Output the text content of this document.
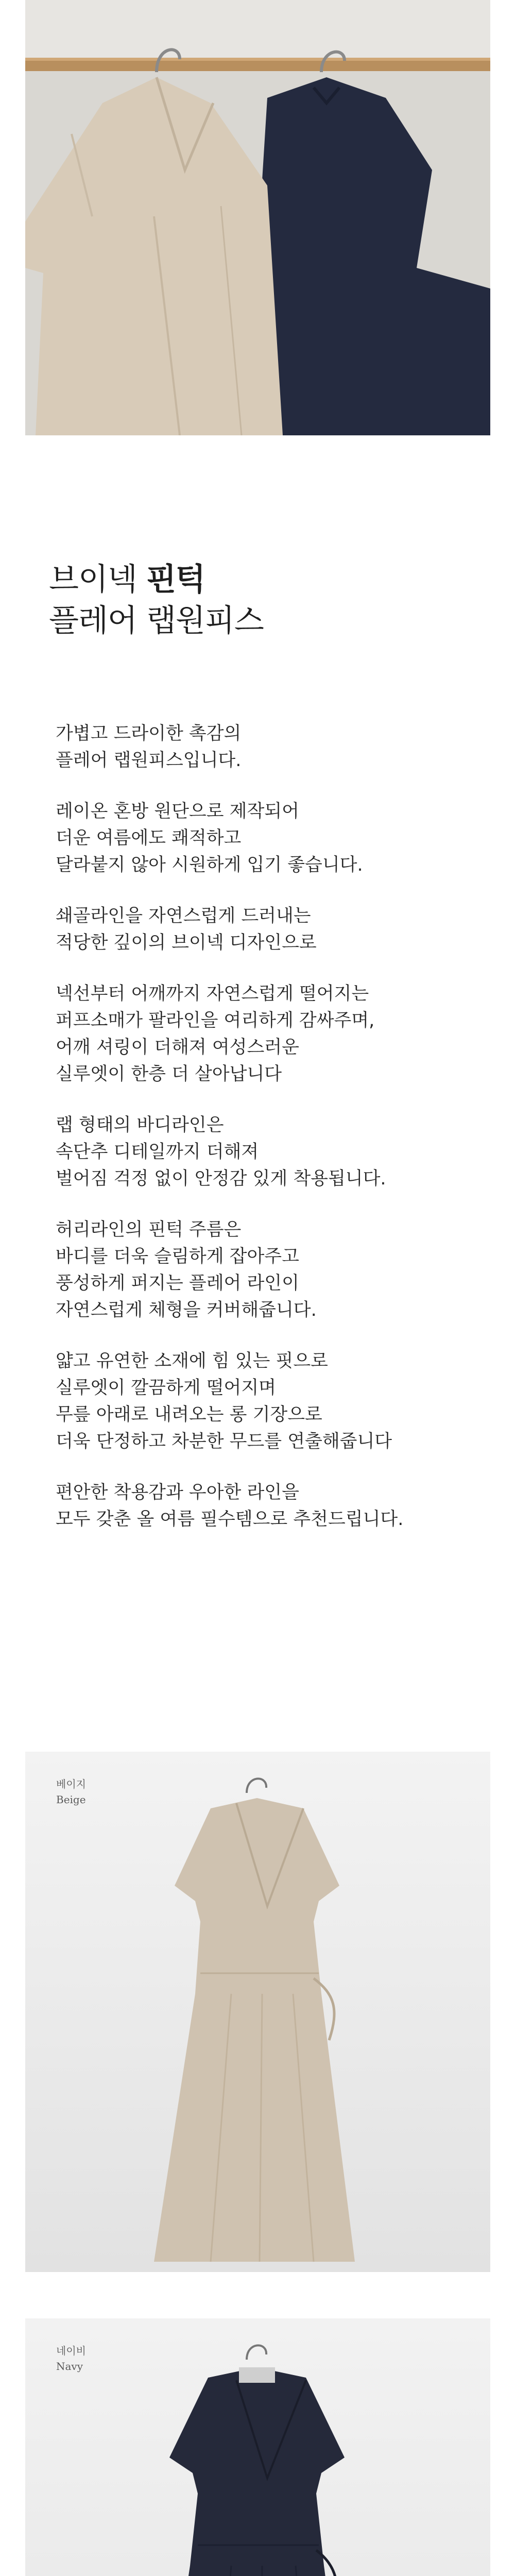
브이넥 핀턱
플레어 랩원피스

가볍고 드라이한 촉감의
플레어 랩원피스입니다.

레이온 혼방 원단으로 제작되어
더운 여름에도 쾌적하고
달라붙지 않아 시원하게 입기 좋습니다.

쇄골라인을 자연스럽게 드러내는
적당한 깊이의 브이넥 디자인으로

넥선부터 어깨까지 자연스럽게 떨어지는
퍼프소매가 팔라인을 여리하게 감싸주며,
어깨 셔링이 더해져 여성스러운
실루엣이 한층 더 살아납니다

랩 형태의 바디라인은
속단추 디테일까지 더해져
벌어짐 걱정 없이 안정감 있게 착용됩니다.

허리라인의 핀턱 주름은
바디를 더욱 슬림하게 잡아주고
풍성하게 퍼지는 플레어 라인이
자연스럽게 체형을 커버해줍니다.

얇고 유연한 소재에 힘 있는 핏으로
실루엣이 깔끔하게 떨어지며
무릎 아래로 내려오는 롱 기장으로
더욱 단정하고 차분한 무드를 연출해줍니다

편안한 착용감과 우아한 라인을
모두 갖춘 올 여름 필수템으로 추천드립니다.

베이지
Beige
네이비
Navy
